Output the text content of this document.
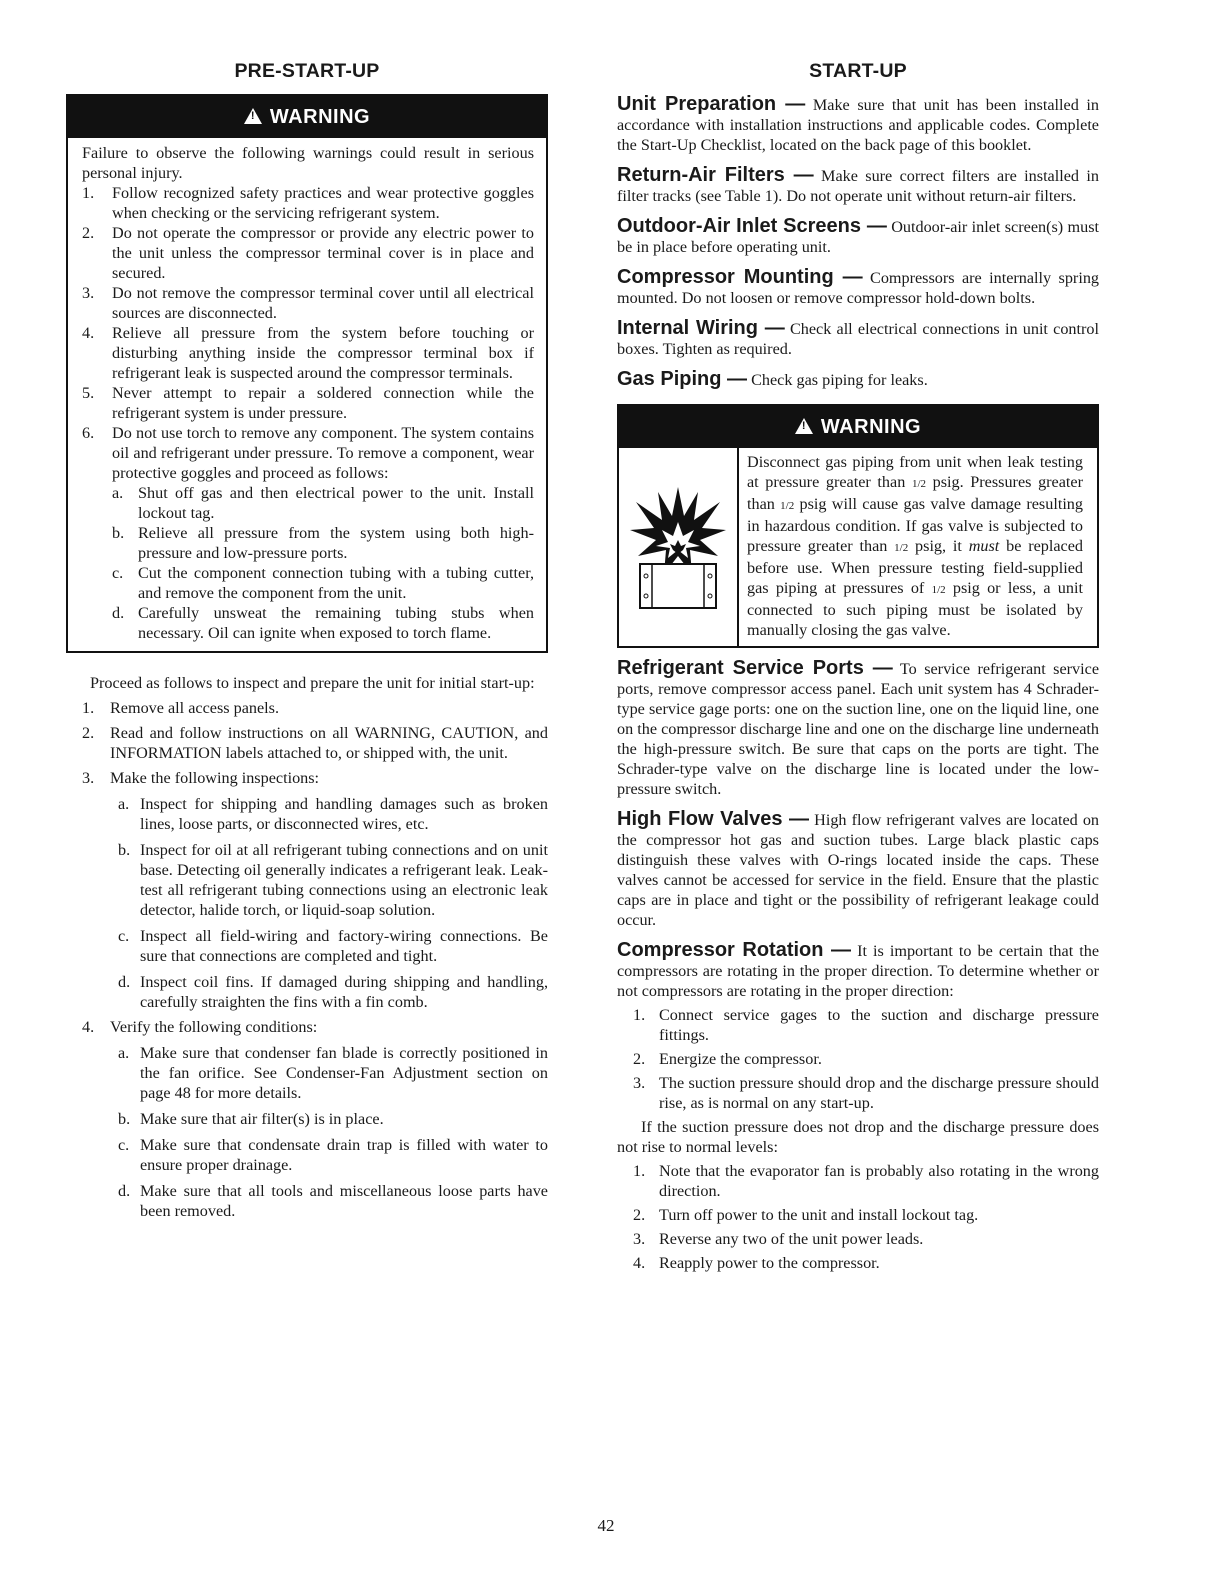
PRE-START-UP
!WARNING
Failure to observe the following warnings could result in serious personal injury.
1.	Follow recognized safety practices and wear protective goggles when checking or the servicing refrigerant system.
2.	Do not operate the compressor or provide any electric power to the unit unless the compressor terminal cover is in place and secured.
3.	Do not remove the compressor terminal cover until all electrical sources are disconnected.
4.	Relieve all pressure from the system before touching or disturbing anything inside the compressor terminal box if refrigerant leak is suspected around the compressor terminals.
5.	Never attempt to repair a soldered connection while the refrigerant system is under pressure.
6.	Do not use torch to remove any component. The system contains oil and refrigerant under pressure. To remove a component, wear protective goggles and proceed as follows:
a. Shut off gas and then electrical power to the unit. Install lockout tag.
b. Relieve all pressure from the system using both high-pressure and low-pressure ports.
c. Cut the component connection tubing with a tubing cutter, and remove the component from the unit.
d. Carefully unsweat the remaining tubing stubs when necessary. Oil can ignite when exposed to torch flame.
Proceed as follows to inspect and prepare the unit for initial start-up:
1. Remove all access panels.
2. Read and follow instructions on all WARNING, CAUTION, and INFORMATION labels attached to, or shipped with, the unit.
3. Make the following inspections:
a. Inspect for shipping and handling damages such as broken lines, loose parts, or disconnected wires, etc.
b. Inspect for oil at all refrigerant tubing connections and on unit base. Detecting oil generally indicates a refrigerant leak. Leak-test all refrigerant tubing connections using an electronic leak detector, halide torch, or liquid-soap solution.
c. Inspect all field-wiring and factory-wiring connections. Be sure that connections are completed and tight.
d. Inspect coil fins. If damaged during shipping and handling, carefully straighten the fins with a fin comb.
4. Verify the following conditions:
a. Make sure that condenser fan blade is correctly positioned in the fan orifice. See Condenser-Fan Adjustment section on page 48 for more details.
b. Make sure that air filter(s) is in place.
c. Make sure that condensate drain trap is filled with water to ensure proper drainage.
d. Make sure that all tools and miscellaneous loose parts have been removed.
START-UP
Unit Preparation — Make sure that unit has been installed in accordance with installation instructions and applicable codes. Complete the Start-Up Checklist, located on the back page of this booklet.
Return-Air Filters — Make sure correct filters are installed in filter tracks (see Table 1). Do not operate unit without return-air filters.
Outdoor-Air Inlet Screens — Outdoor-air inlet screen(s) must be in place before operating unit.
Compressor Mounting — Compressors are internally spring mounted. Do not loosen or remove compressor hold-down bolts.
Internal Wiring — Check all electrical connections in unit control boxes. Tighten as required.
Gas Piping — Check gas piping for leaks.
!WARNING
Disconnect gas piping from unit when leak testing at pressure greater than 1/2 psig. Pressures greater than 1/2 psig will cause gas valve damage resulting in hazardous condition. If gas valve is subjected to pressure greater than 1/2 psig, it must be replaced before use. When pressure testing field-supplied gas piping at pressures of 1/2 psig or less, a unit connected to such piping must be isolated by manually closing the gas valve.
Refrigerant Service Ports — To service refrigerant service ports, remove compressor access panel. Each unit system has 4 Schrader-type service gage ports: one on the suction line, one on the liquid line, one on the compressor discharge line and one on the discharge line underneath the high-pressure switch. Be sure that caps on the ports are tight. The Schrader-type valve on the discharge line is located under the low-pressure switch.
High Flow Valves — High flow refrigerant valves are located on the compressor hot gas and suction tubes. Large black plastic caps distinguish these valves with O-rings located inside the caps. These valves cannot be accessed for service in the field. Ensure that the plastic caps are in place and tight or the possibility of refrigerant leakage could occur.
Compressor Rotation — It is important to be certain that the compressors are rotating in the proper direction. To determine whether or not compressors are rotating in the proper direction:
1. Connect service gages to the suction and discharge pressure fittings.
2. Energize the compressor.
3. The suction pressure should drop and the discharge pressure should rise, as is normal on any start-up.
If the suction pressure does not drop and the discharge pressure does not rise to normal levels:
1. Note that the evaporator fan is probably also rotating in the wrong direction.
2. Turn off power to the unit and install lockout tag.
3. Reverse any two of the unit power leads.
4. Reapply power to the compressor.
42
